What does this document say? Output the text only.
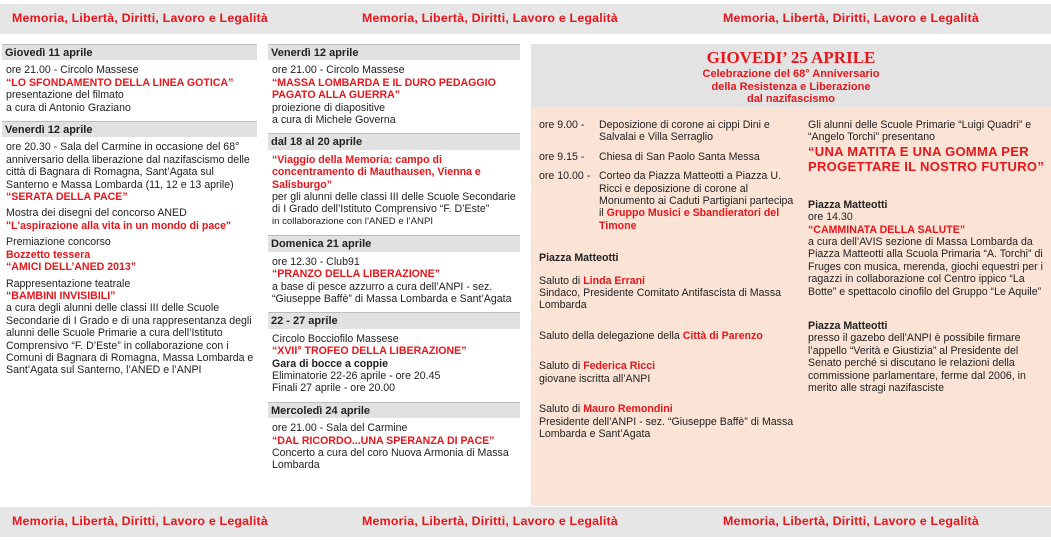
Memoria, Libertà, Diritti, Lavoro e Legalità	Memoria, Libertà, Diritti, Lavoro e Legalità	Memoria, Libertà, Diritti, Lavoro e Legalità
Giovedì 11 aprile
ore 21.00 - Circolo Massese
“LO SFONDAMENTO DELLA LINEA GOTICA”
presentazione del filmato
a cura di Antonio Graziano
Venerdì 12 aprile
ore 20.30 - Sala del Carmine in occasione del 68° anniversario della liberazione dal nazifascismo delle città di Bagnara di Romagna, Sant’Agata sul Santerno e Massa Lombarda (11, 12 e 13 aprile)
“SERATA DELLA PACE”
Mostra dei disegni del concorso ANED
"L'aspirazione alla vita in un mondo di pace"
Premiazione concorso
Bozzetto tessera
“AMICI DELL’ANED 2013”
Rappresentazione teatrale
“BAMBINI INVISIBILI”
a cura degli alunni delle classi III delle Scuole Secondarie di I Grado e di una rappresentanza degli alunni delle Scuole Primarie a cura dell’Istituto Comprensivo “F. D’Este” in collaborazione con i Comuni di Bagnara di Romagna, Massa Lombarda e Sant’Agata sul Santerno, l’ANED e l’ANPI
Venerdì 12 aprile
ore 21.00 - Circolo Massese
“MASSA LOMBARDA E IL DURO PEDAGGIO PAGATO ALLA GUERRA”
proiezione di diapositive
a cura di Michele Governa
dal 18 al 20 aprile
“Viaggio della Memoria: campo di concentramento di Mauthausen, Vienna e Salisburgo”
per gli alunni delle classi III delle Scuole Secondarie di I Grado dell’Istituto Comprensivo “F. D’Este”
in collaborazione con l’ANED e l’ANPI
Domenica 21 aprile
ore 12.30 - Club91
“PRANZO DELLA LIBERAZIONE”
a base di pesce azzurro a cura dell’ANPI - sez. “Giuseppe Baffè” di Massa Lombarda e Sant’Agata
22 - 27 aprile
Circolo Bocciofilo Massese
“XVII° TROFEO DELLA LIBERAZIONE”
Gara di bocce a coppie
Eliminatorie 22-26 aprile - ore 20.45
Finali 27 aprile - ore 20.00
Mercoledì 24 aprile
ore 21.00 - Sala del Carmine
“DAL RICORDO...UNA SPERANZA DI PACE” Concerto a cura del coro Nuova Armonia di Massa Lombarda
GIOVEDI’ 25 APRILE
Celebrazione del 68° Anniversario
della Resistenza e Liberazione
dal nazifascismo
ore 9.00 -	Deposizione di corone ai cippi Dini e Salvalai e Villa Serraglio
ore 9.15 -	Chiesa di San Paolo Santa Messa
ore 10.00 - Corteo da Piazza Matteotti a Piazza U. Ricci e deposizione di corone al Monumento ai Caduti Partigiani partecipa il Gruppo Musici e Sbandieratori del Timone
Piazza Matteotti
Saluto di Linda Errani
Sindaco, Presidente Comitato Antifascista di Massa Lombarda
Saluto della delegazione della Città di Parenzo
Saluto di Federica Ricci
giovane iscritta all’ANPI
Saluto di Mauro Remondini
Presidente dell’ANPI - sez. “Giuseppe Baffè” di Massa Lombarda e Sant’Agata
Gli alunni delle Scuole Primarie “Luigi Quadri” e “Angelo Torchi” presentano
“UNA MATITA E UNA GOMMA PER PROGETTARE IL NOSTRO FUTURO”
Piazza Matteotti
ore 14.30
“CAMMINATA DELLA SALUTE”
a cura dell’AVIS sezione di Massa Lombarda da Piazza Matteotti alla Scuola Primaria “A. Torchi” di Fruges con musica, merenda, giochi equestri per i ragazzi in collaborazione col Centro ippico “La Botte” e spettacolo cinofilo del Gruppo “Le Aquile”
Piazza Matteotti
presso il gazebo dell’ANPI è possibile firmare l’appello “Verità e Giustizia” al Presidente del Senato perché si discutano le relazioni della commissione parlamentare, ferme dal 2006, in merito alle stragi nazifasciste
Memoria, Libertà, Diritti, Lavoro e Legalità	Memoria, Libertà, Diritti, Lavoro e Legalità	Memoria, Libertà, Diritti, Lavoro e Legalità
